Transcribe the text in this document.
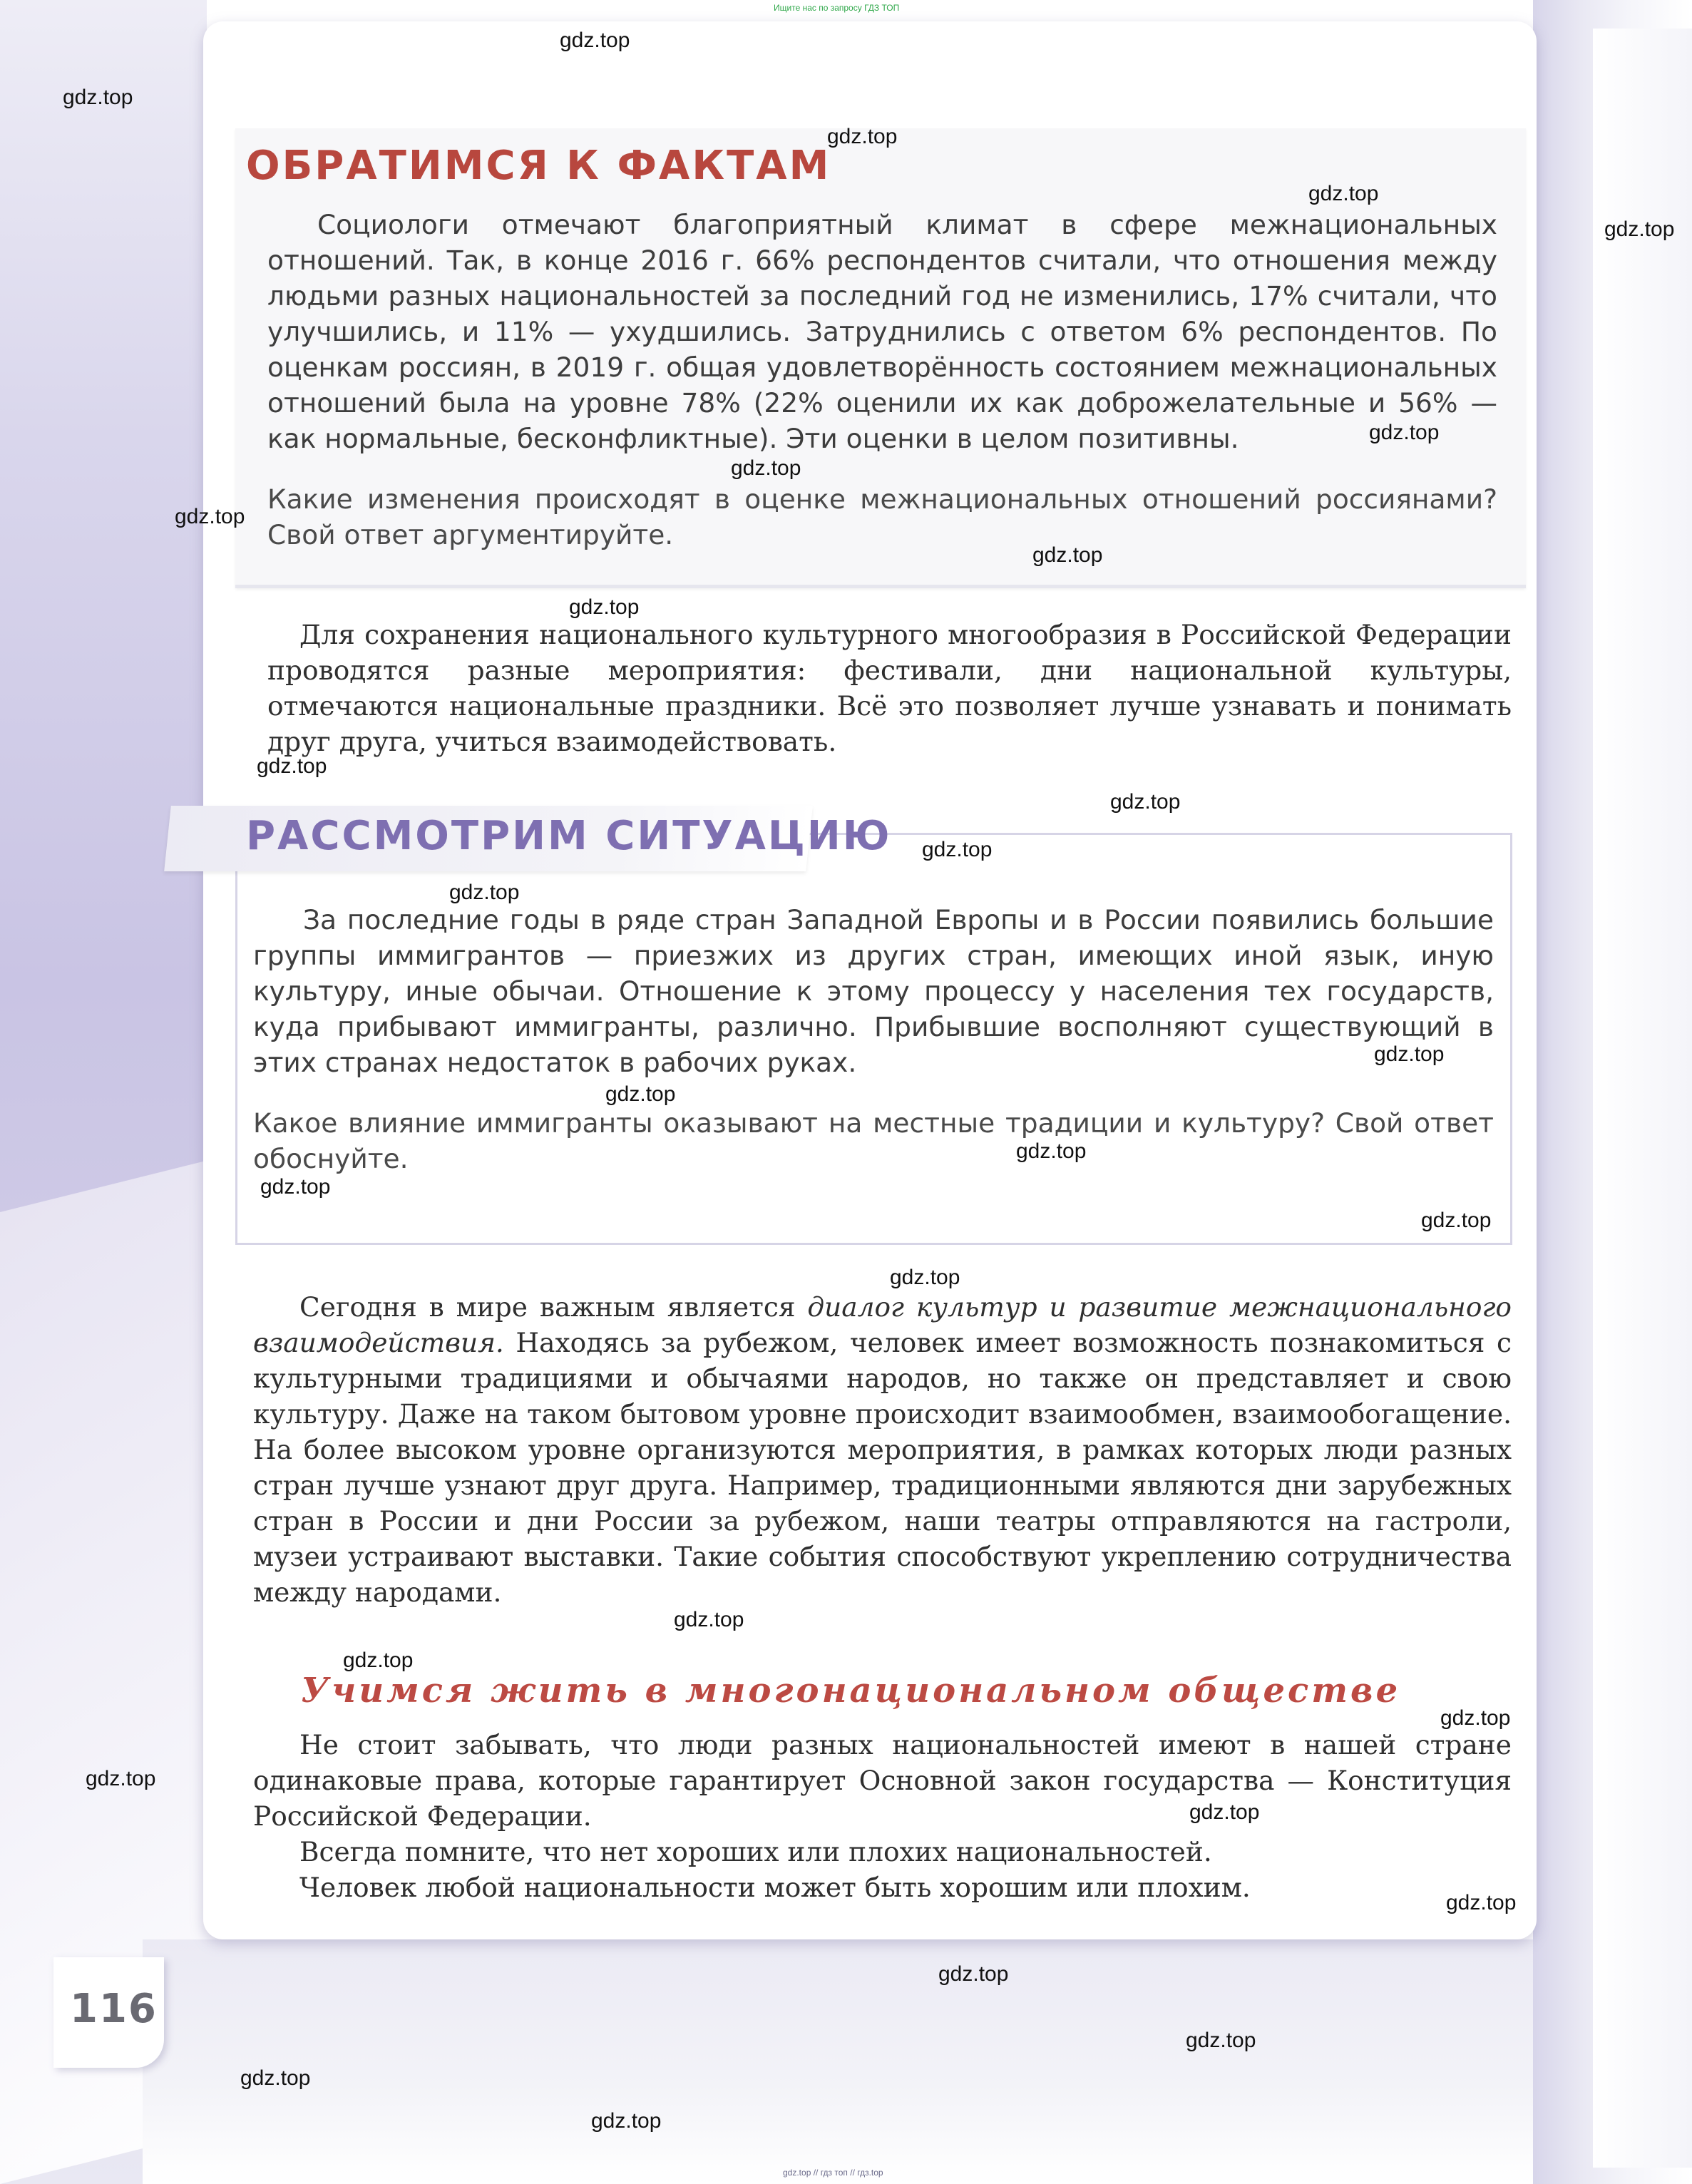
Ищите нас по запросу ГДЗ ТОП
ОБРАТИМСЯ К ФАКТАМ

Социологи отмечают благоприятный климат в сфере межнациональных отношений. Так, в конце 2016 г. 66% респондентов считали, что отношения между людьми разных национальностей за последний год не изменились, 17% считали, что улучшились, и 11% — ухудшились. Затруднились с ответом 6% респондентов. По оценкам россиян, в 2019 г. общая удовлетворённость состоянием межнациональных отношений была на уровне 78% (22% оценили их как доброжелательные и 56% — как нормальные, бесконфликтные). Эти оценки в целом позитивны.

Какие изменения происходят в оценке межнациональных отношений россиянами? Свой ответ аргументируйте.

Для сохранения национального культурного многообразия в Российской Федерации проводятся разные мероприятия: фестивали, дни национальной культуры, отмечаются национальные праздники. Всё это позволяет лучше узнавать и понимать друг друга, учиться взаимодействовать.

РАССМОТРИМ СИТУАЦИЮ

За последние годы в ряде стран Западной Европы и в России появились большие группы иммигрантов — приезжих из других стран, имеющих иной язык, иную культуру, иные обычаи. Отношение к этому процессу у населения тех государств, куда прибывают иммигранты, различно. Прибывшие восполняют существующий в этих странах недостаток в рабочих руках.

Какое влияние иммигранты оказывают на местные традиции и культуру? Свой ответ обоснуйте.

Сегодня в мире важным является диалог культур и развитие межнационального взаимодействия. Находясь за рубежом, человек имеет возможность познакомиться с культурными традициями и обычаями народов, но также он представляет и свою культуру. Даже на таком бытовом уровне происходит взаимообмен, взаимообогащение. На более высоком уровне организуются мероприятия, в рамках которых люди разных стран лучше узнают друг друга. Например, традиционными являются дни зарубежных стран в России и дни России за рубежом, наши театры отправляются на гастроли, музеи устраивают выставки. Такие события способствуют укреплению сотрудничества между народами.

Учимся жить в многонациональном обществе

Не стоит забывать, что люди разных национальностей имеют в нашей стране одинаковые права, которые гарантирует Основной закон государства — Конституция Российской Федерации.

Всегда помните, что нет хороших или плохих национальностей.

Человек любой национальности может быть хорошим или плохим.

116
gdz.top // гдз топ // гдз.top
gdz.top
gdz.top
gdz.top
gdz.top
gdz.top
gdz.top
gdz.top
gdz.top
gdz.top
gdz.top
gdz.top
gdz.top
gdz.top
gdz.top
gdz.top
gdz.top
gdz.top
gdz.top
gdz.top
gdz.top
gdz.top
gdz.top
gdz.top
gdz.top
gdz.top
gdz.top
gdz.top
gdz.top
gdz.top
gdz.top
